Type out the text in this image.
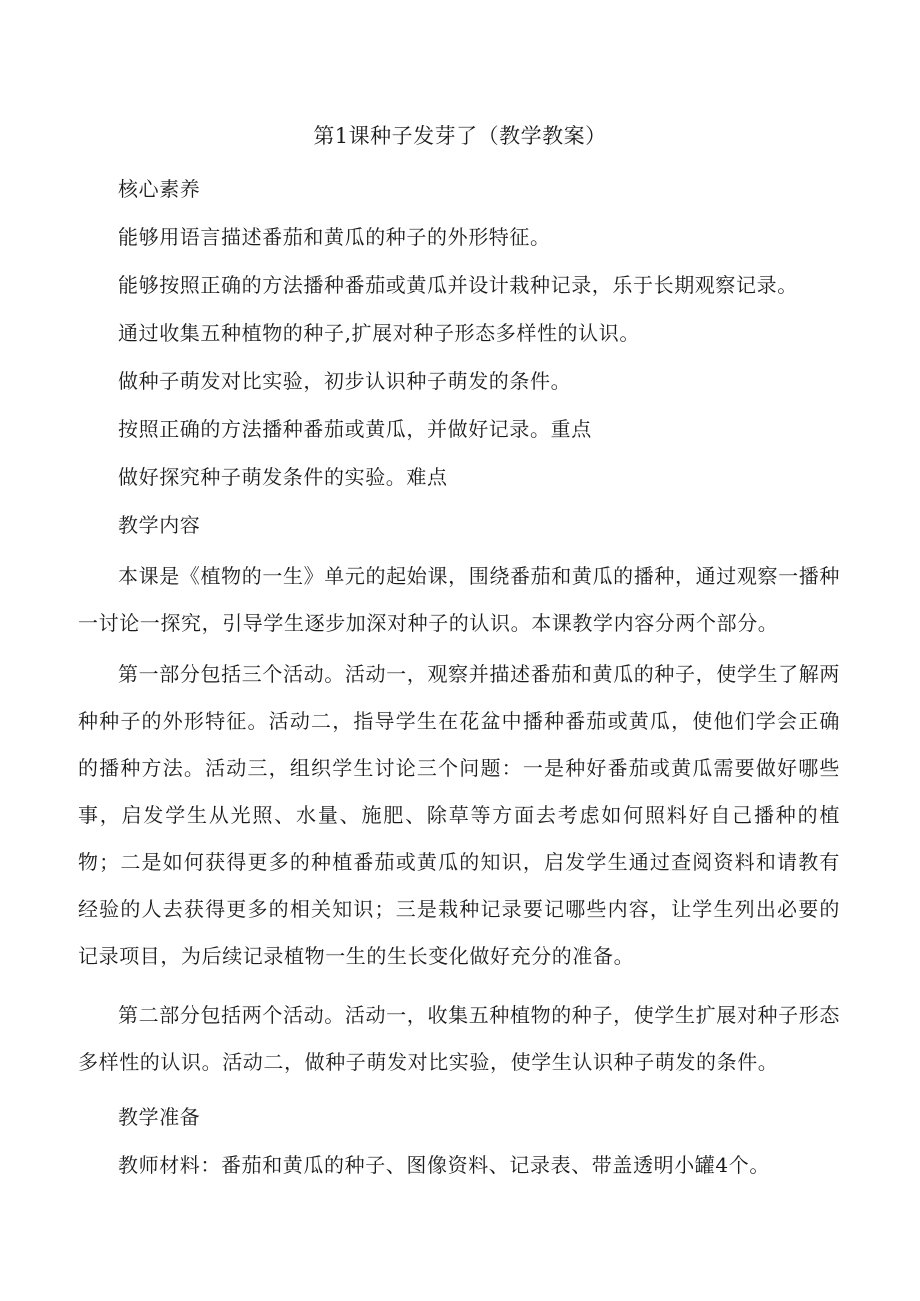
第1课种子发芽了（教学教案）

核心素养

能够用语言描述番茄和黄瓜的种子的外形特征。

能够按照正确的方法播种番茄或黄瓜并设计栽种记录，乐于长期观察记录。

通过收集五种植物的种子,扩展对种子形态多样性的认识。

做种子萌发对比实验，初步认识种子萌发的条件。

按照正确的方法播种番茄或黄瓜，并做好记录。重点

做好探究种子萌发条件的实验。难点

教学内容

本课是《植物的一生》单元的起始课，围绕番茄和黄瓜的播种，通过观察一播种一讨论一探究，引导学生逐步加深对种子的认识。本课教学内容分两个部分。

第一部分包括三个活动。活动一，观察并描述番茄和黄瓜的种子，使学生了解两种种子的外形特征。活动二，指导学生在花盆中播种番茄或黄瓜，使他们学会正确的播种方法。活动三，组织学生讨论三个问题：一是种好番茄或黄瓜需要做好哪些事，启发学生从光照、水量、施肥、除草等方面去考虑如何照料好自己播种的植物；二是如何获得更多的种植番茄或黄瓜的知识，启发学生通过查阅资料和请教有经验的人去获得更多的相关知识；三是栽种记录要记哪些内容，让学生列出必要的记录项目，为后续记录植物一生的生长变化做好充分的准备。

第二部分包括两个活动。活动一，收集五种植物的种子，使学生扩展对种子形态多样性的认识。活动二，做种子萌发对比实验，使学生认识种子萌发的条件。

教学准备

教师材料：番茄和黄瓜的种子、图像资料、记录表、带盖透明小罐4个。
